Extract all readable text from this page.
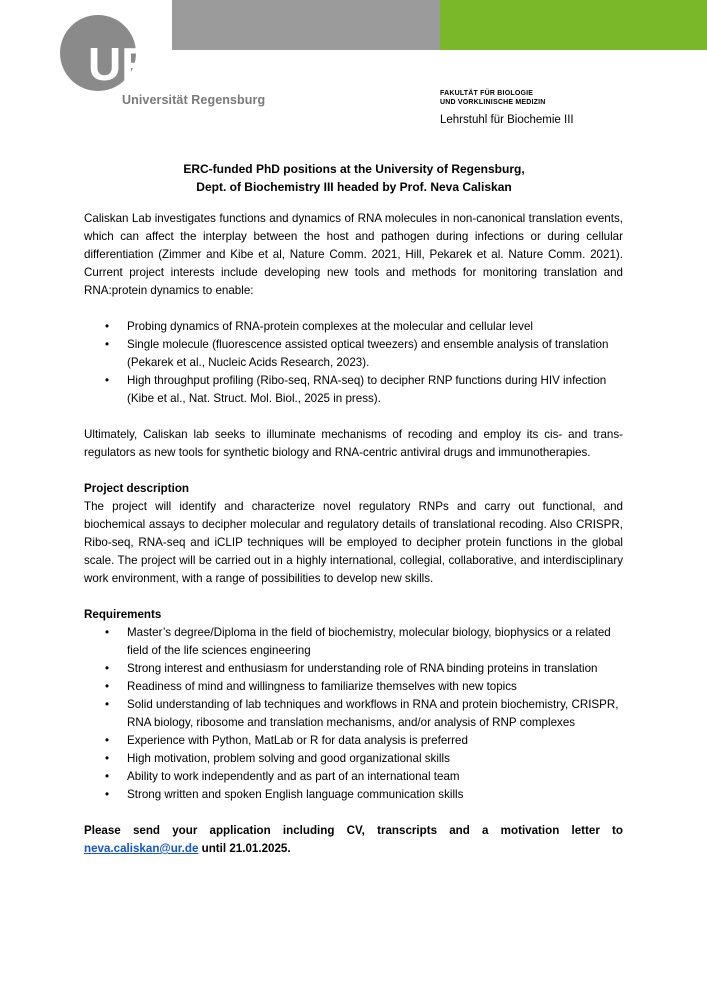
UR
Universität Regensburg	FAKULTÄT FÜR BIOLOGIE
UND VORKLINISCHE MEDIZIN
Lehrstuhl für Biochemie III
ERC-funded PhD positions at the University of Regensburg,
Dept. of Biochemistry III headed by Prof. Neva Caliskan

Caliskan Lab investigates functions and dynamics of RNA molecules in non-canonical translation events, which can affect the interplay between the host and pathogen during infections or during cellular differentiation (Zimmer and Kibe et al, Nature Comm. 2021, Hill, Pekarek et al. Nature Comm. 2021). Current project interests include developing new tools and methods for monitoring translation and RNA:protein dynamics to enable:

• Probing dynamics of RNA-protein complexes at the molecular and cellular level
• Single molecule (fluorescence assisted optical tweezers) and ensemble analysis of translation (Pekarek et al., Nucleic Acids Research, 2023).
• High throughput profiling (Ribo-seq, RNA-seq) to decipher RNP functions during HIV infection (Kibe et al., Nat. Struct. Mol. Biol., 2025 in press).

Ultimately, Caliskan lab seeks to illuminate mechanisms of recoding and employ its cis- and trans-regulators as new tools for synthetic biology and RNA-centric antiviral drugs and immunotherapies.

Project description

The project will identify and characterize novel regulatory RNPs and carry out functional, and biochemical assays to decipher molecular and regulatory details of translational recoding. Also CRISPR, Ribo-seq, RNA-seq and iCLIP techniques will be employed to decipher protein functions in the global scale. The project will be carried out in a highly international, collegial, collaborative, and interdisciplinary work environment, with a range of possibilities to develop new skills.

Requirements
• Master’s degree/Diploma in the field of biochemistry, molecular biology, biophysics or a related field of the life sciences engineering
• Strong interest and enthusiasm for understanding role of RNA binding proteins in translation
• Readiness of mind and willingness to familiarize themselves with new topics
• Solid understanding of lab techniques and workflows in RNA and protein biochemistry, CRISPR, RNA biology, ribosome and translation mechanisms, and/or analysis of RNP complexes
• Experience with Python, MatLab or R for data analysis is preferred
• High motivation, problem solving and good organizational skills
• Ability to work independently and as part of an international team
• Strong written and spoken English language communication skills

Please send your application including CV, transcripts and a motivation letter to neva.caliskan@ur.de until 21.01.2025.
